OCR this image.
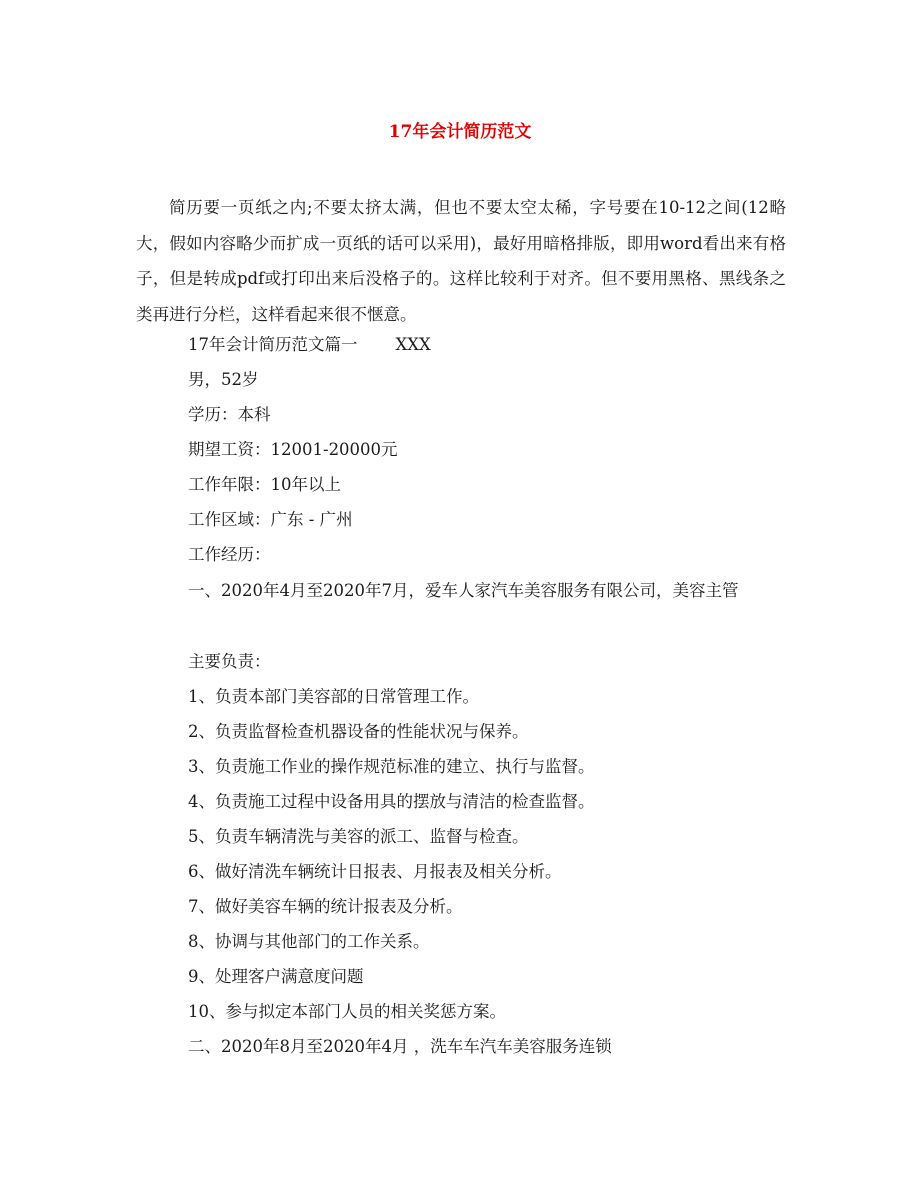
17年会计简历范文

简历要一页纸之内;不要太挤太满，但也不要太空太稀，字号要在10-12之间(12略大，假如内容略少而扩成一页纸的话可以采用)，最好用暗格排版，即用word看出来有格子，但是转成pdf或打印出来后没格子的。这样比较利于对齐。但不要用黑格、黑线条之类再进行分栏，这样看起来很不惬意。

17年会计简历范文篇一 XXX

男，52岁

学历：本科

期望工资：12001-20000元

工作年限：10年以上

工作区域：广东 - 广州

工作经历：

一、2020年4月至2020年7月，爱车人家汽车美容服务有限公司，美容主管

主要负责：

1、负责本部门美容部的日常管理工作。

2、负责监督检查机器设备的性能状况与保养。

3、负责施工作业的操作规范标准的建立、执行与监督。

4、负责施工过程中设备用具的摆放与清洁的检查监督。

5、负责车辆清洗与美容的派工、监督与检查。

6、做好清洗车辆统计日报表、月报表及相关分析。

7、做好美容车辆的统计报表及分析。

8、协调与其他部门的工作关系。

9、处理客户满意度问题

10、参与拟定本部门人员的相关奖惩方案。

二、2020年8月至2020年4月 ，洗车车汽车美容服务连锁
